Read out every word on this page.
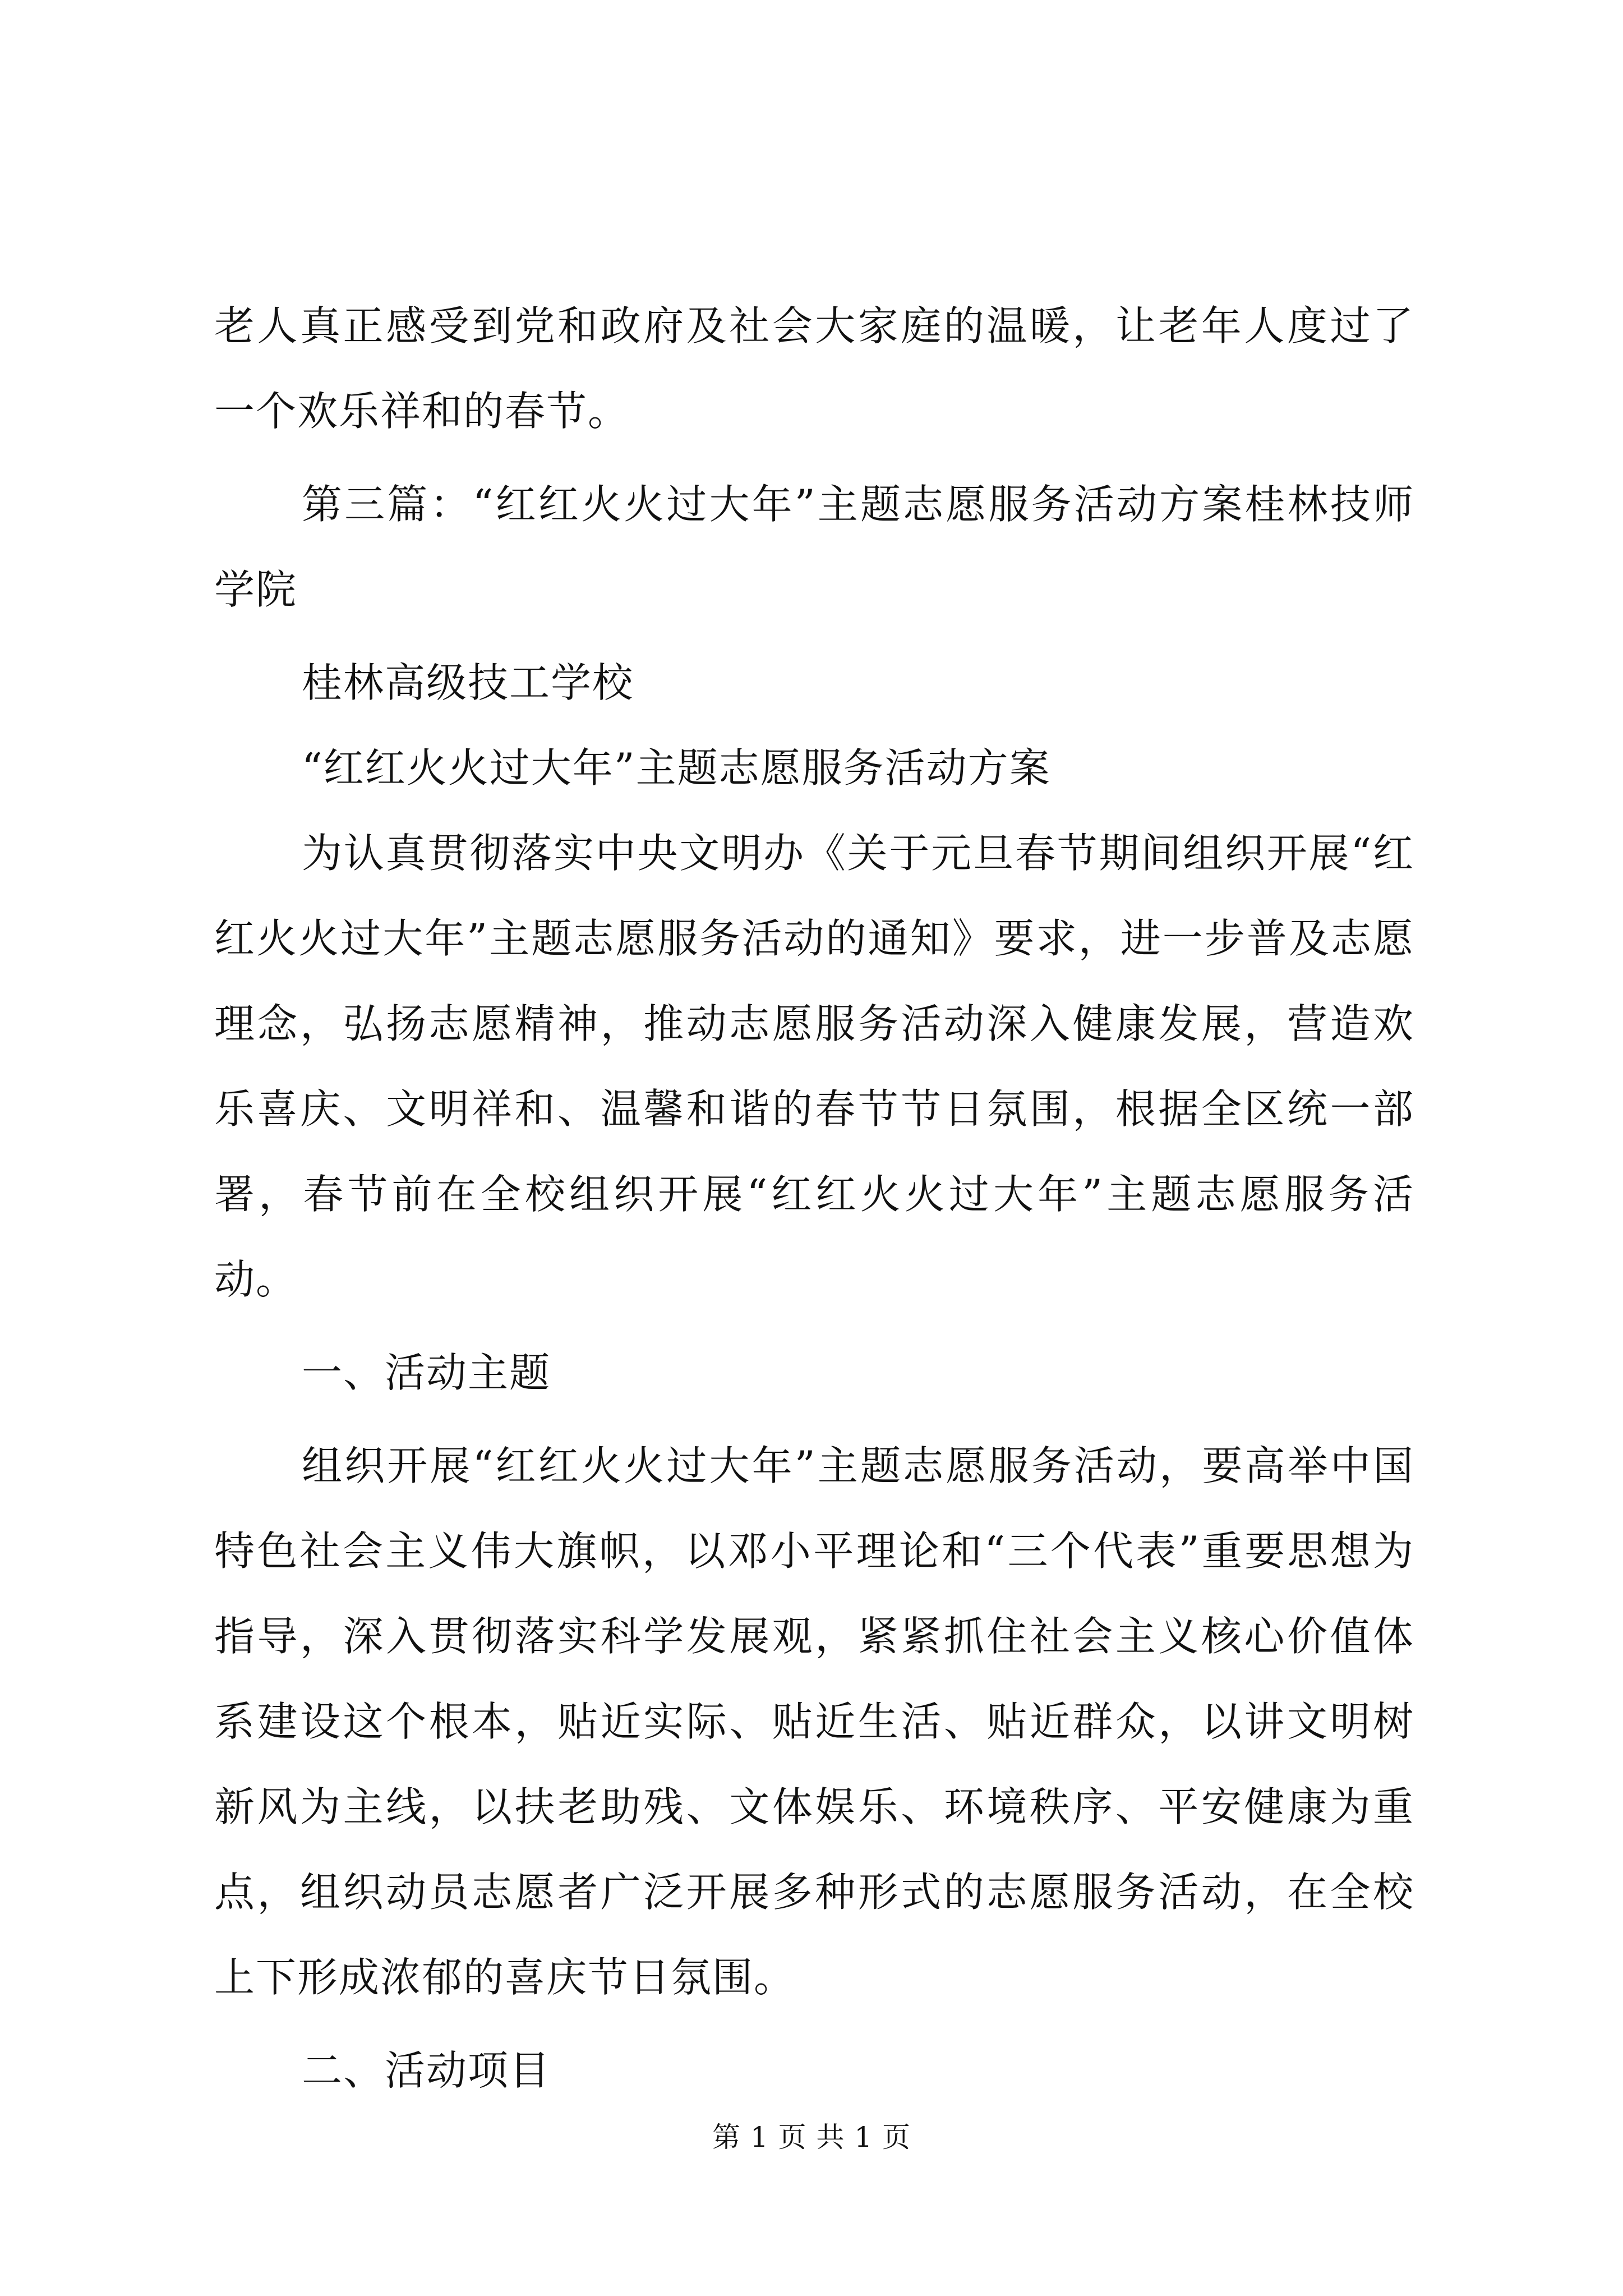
老人真正感受到党和政府及社会大家庭的温暖，让老年人度过了一个欢乐祥和的春节。

第三篇：“红红火火过大年”主题志愿服务活动方案桂林技师学院

桂林高级技工学校

“红红火火过大年”主题志愿服务活动方案

为认真贯彻落实中央文明办《关于元旦春节期间组织开展“红红火火过大年”主题志愿服务活动的通知》要求，进一步普及志愿理念，弘扬志愿精神，推动志愿服务活动深入健康发展，营造欢乐喜庆、文明祥和、温馨和谐的春节节日氛围，根据全区统一部署，春节前在全校组织开展“红红火火过大年”主题志愿服务活动。

一、活动主题

组织开展“红红火火过大年”主题志愿服务活动，要高举中国特色社会主义伟大旗帜，以邓小平理论和“三个代表”重要思想为指导，深入贯彻落实科学发展观，紧紧抓住社会主义核心价值体系建设这个根本，贴近实际、贴近生活、贴近群众，以讲文明树新风为主线，以扶老助残、文体娱乐、环境秩序、平安健康为重点，组织动员志愿者广泛开展多种形式的志愿服务活动，在全校上下形成浓郁的喜庆节日氛围。

二、活动项目

第 1 页 共 1 页
